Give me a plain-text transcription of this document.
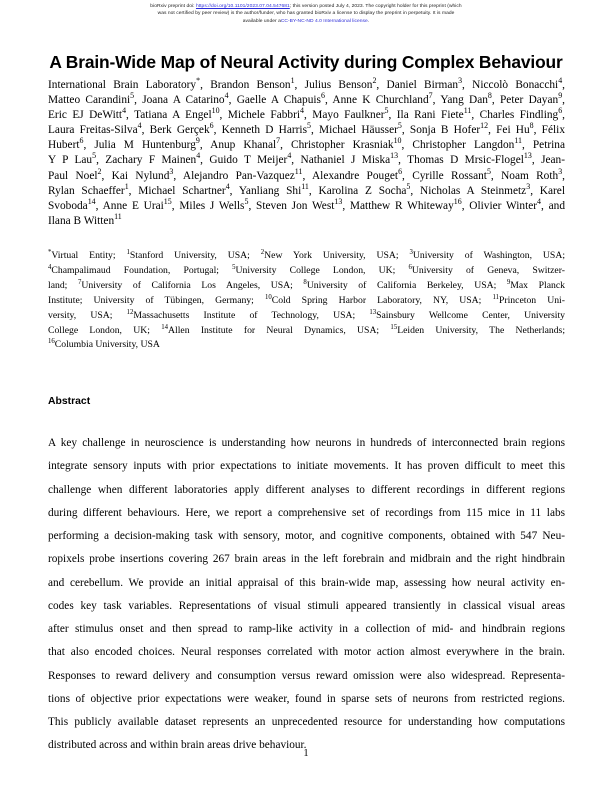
bioRxiv preprint doi: https://doi.org/10.1101/2023.07.04.547681; this version posted July 4, 2023. The copyright holder for this preprint (which
was not certified by peer review) is the author/funder, who has granted bioRxiv a license to display the preprint in perpetuity. It is made
available under aCC-BY-NC-ND 4.0 International license.
A Brain-Wide Map of Neural Activity during Complex Behaviour
International Brain Laboratory*, Brandon Benson$^1$, Julius Benson$^2$, Daniel Birman$^3$, Niccolò Bonacchi$^4$,
Matteo Carandini$^5$, Joana A Catarino$^4$, Gaelle A Chapuis$^6$, Anne K Churchland$^7$, Yang Dan$^8$, Peter Dayan$^9$,
Eric EJ DeWitt$^4$, Tatiana A Engel$^{10}$, Michele Fabbri$^4$, Mayo Faulkner$^5$, Ila Rani Fiete$^{11}$, Charles Findling$^6$,
Laura Freitas-Silva$^4$, Berk Gerçek$^6$, Kenneth D Harris$^5$, Michael Häusser$^5$, Sonja B Hofer$^{12}$, Fei Hu$^8$, Félix
Hubert$^6$, Julia M Huntenburg$^9$, Anup Khanal$^7$, Christopher Krasniak$^{10}$, Christopher Langdon$^{11}$, Petrina
Y P Lau$^5$, Zachary F Mainen$^4$, Guido T Meijer$^4$, Nathaniel J Miska$^{13}$, Thomas D Mrsic-Flogel$^{13}$, Jean-
Paul Noel$^2$, Kai Nylund$^3$, Alejandro Pan-Vazquez$^{11}$, Alexandre Pouget$^6$, Cyrille Rossant$^5$, Noam Roth$^3$,
Rylan Schaeffer$^1$, Michael Schartner$^4$, Yanliang Shi$^{11}$, Karolina Z Socha$^5$, Nicholas A Steinmetz$^3$, Karel
Svoboda$^{14}$, Anne E Urai$^{15}$, Miles J Wells$^5$, Steven Jon West$^{13}$, Matthew R Whiteway$^{16}$, Olivier Winter$^4$, and
Ilana B Witten$^{11}$
*Virtual Entity; $^1$Stanford University, USA; $^2$New York University, USA; $^3$University of Washington, USA;
$^4$Champalimaud Foundation, Portugal; $^5$University College London, UK; $^6$University of Geneva, Switzer-
land; $^7$University of California Los Angeles, USA; $^8$University of California Berkeley, USA; $^9$Max Planck
Institute; University of Tübingen, Germany; $^{10}$Cold Spring Harbor Laboratory, NY, USA; $^{11}$Princeton Uni-
versity, USA; $^{12}$Massachusetts Institute of Technology, USA; $^{13}$Sainsbury Wellcome Center, University
College London, UK; $^{14}$Allen Institute for Neural Dynamics, USA; $^{15}$Leiden University, The Netherlands;
$^{16}$Columbia University, USA
Abstract
A key challenge in neuroscience is understanding how neurons in hundreds of interconnected brain regions
integrate sensory inputs with prior expectations to initiate movements. It has proven difficult to meet this
challenge when different laboratories apply different analyses to different recordings in different regions
during different behaviours. Here, we report a comprehensive set of recordings from 115 mice in 11 labs
performing a decision-making task with sensory, motor, and cognitive components, obtained with 547 Neu-
ropixels probe insertions covering 267 brain areas in the left forebrain and midbrain and the right hindbrain
and cerebellum. We provide an initial appraisal of this brain-wide map, assessing how neural activity en-
codes key task variables. Representations of visual stimuli appeared transiently in classical visual areas
after stimulus onset and then spread to ramp-like activity in a collection of mid- and hindbrain regions
that also encoded choices. Neural responses correlated with motor action almost everywhere in the brain.
Responses to reward delivery and consumption versus reward omission were also widespread. Representa-
tions of objective prior expectations were weaker, found in sparse sets of neurons from restricted regions.
This publicly available dataset represents an unprecedented resource for understanding how computations
distributed across and within brain areas drive behaviour.
1
